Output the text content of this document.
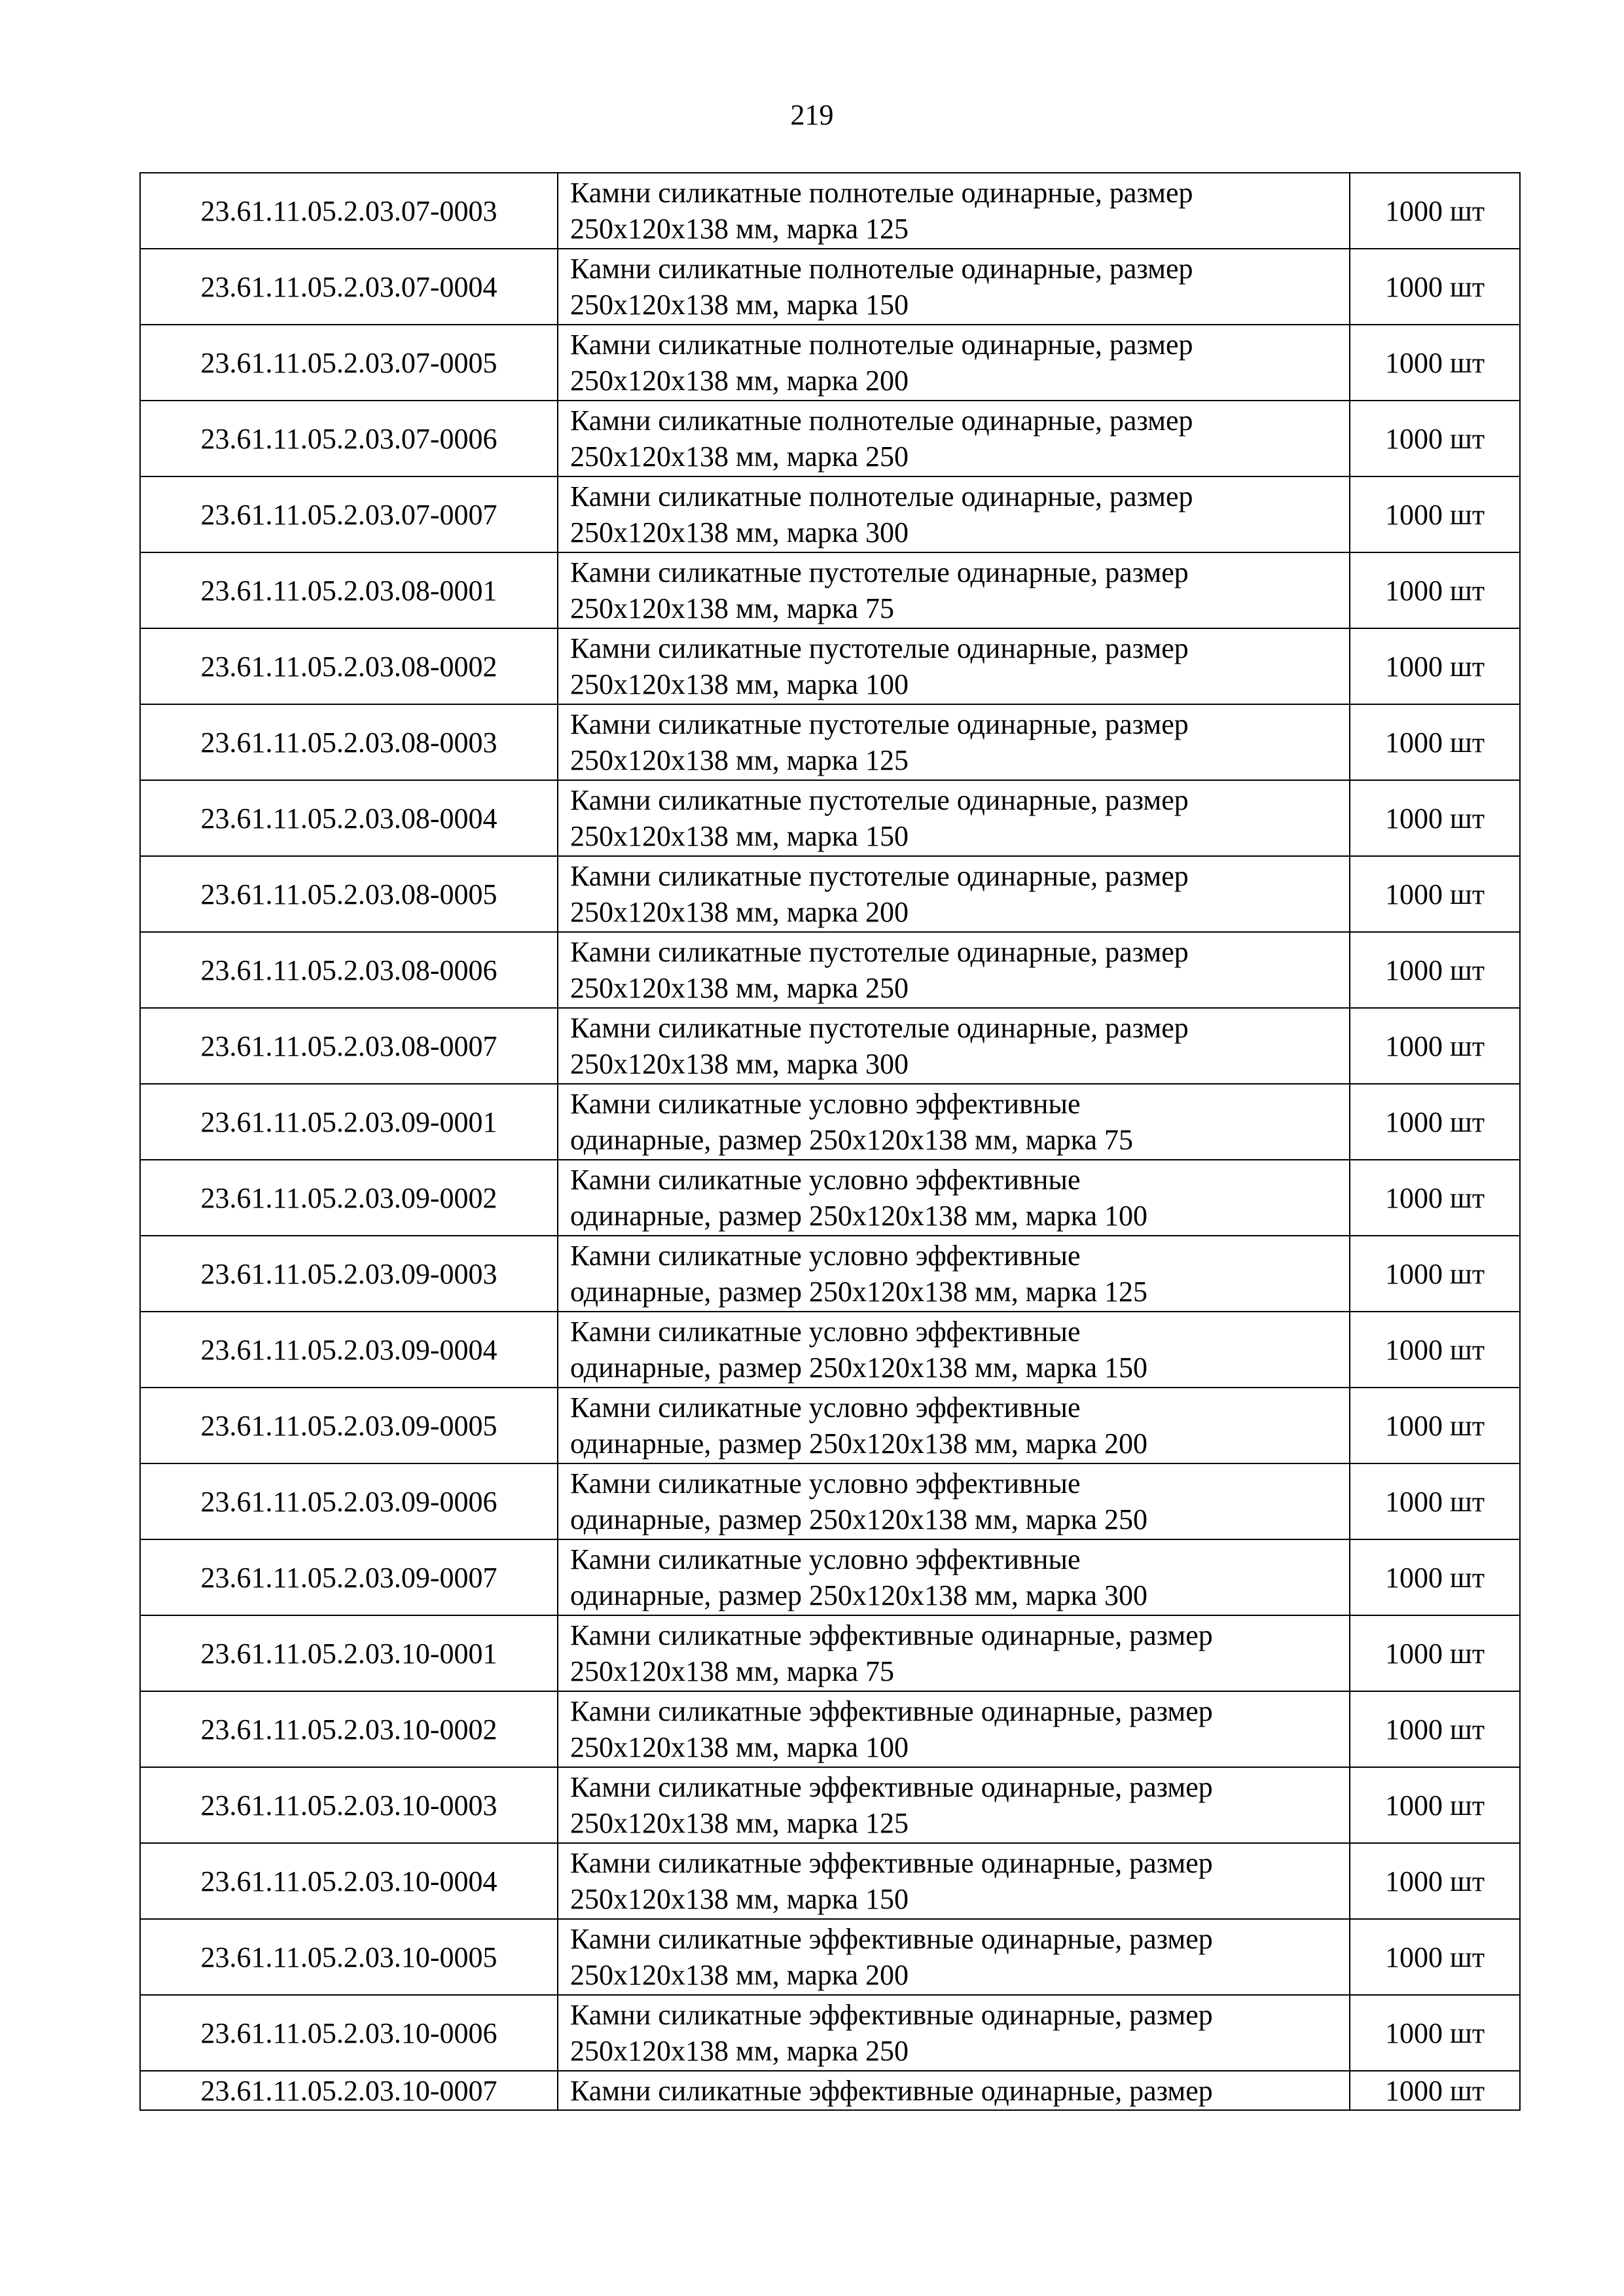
219
23.61.11.05.2.03.07-0003	Камни силикатные полнотелые одинарные, размер
250х120х138 мм, марка 125	1000 шт
23.61.11.05.2.03.07-0004	Камни силикатные полнотелые одинарные, размер
250х120х138 мм, марка 150	1000 шт
23.61.11.05.2.03.07-0005	Камни силикатные полнотелые одинарные, размер
250х120х138 мм, марка 200	1000 шт
23.61.11.05.2.03.07-0006	Камни силикатные полнотелые одинарные, размер
250х120х138 мм, марка 250	1000 шт
23.61.11.05.2.03.07-0007	Камни силикатные полнотелые одинарные, размер
250х120х138 мм, марка 300	1000 шт
23.61.11.05.2.03.08-0001	Камни силикатные пустотелые одинарные, размер
250х120х138 мм, марка 75	1000 шт
23.61.11.05.2.03.08-0002	Камни силикатные пустотелые одинарные, размер
250х120х138 мм, марка 100	1000 шт
23.61.11.05.2.03.08-0003	Камни силикатные пустотелые одинарные, размер
250х120х138 мм, марка 125	1000 шт
23.61.11.05.2.03.08-0004	Камни силикатные пустотелые одинарные, размер
250х120х138 мм, марка 150	1000 шт
23.61.11.05.2.03.08-0005	Камни силикатные пустотелые одинарные, размер
250х120х138 мм, марка 200	1000 шт
23.61.11.05.2.03.08-0006	Камни силикатные пустотелые одинарные, размер
250х120х138 мм, марка 250	1000 шт
23.61.11.05.2.03.08-0007	Камни силикатные пустотелые одинарные, размер
250х120х138 мм, марка 300	1000 шт
23.61.11.05.2.03.09-0001	Камни силикатные условно эффективные
одинарные, размер 250х120х138 мм, марка 75	1000 шт
23.61.11.05.2.03.09-0002	Камни силикатные условно эффективные
одинарные, размер 250х120х138 мм, марка 100	1000 шт
23.61.11.05.2.03.09-0003	Камни силикатные условно эффективные
одинарные, размер 250х120х138 мм, марка 125	1000 шт
23.61.11.05.2.03.09-0004	Камни силикатные условно эффективные
одинарные, размер 250х120х138 мм, марка 150	1000 шт
23.61.11.05.2.03.09-0005	Камни силикатные условно эффективные
одинарные, размер 250х120х138 мм, марка 200	1000 шт
23.61.11.05.2.03.09-0006	Камни силикатные условно эффективные
одинарные, размер 250х120х138 мм, марка 250	1000 шт
23.61.11.05.2.03.09-0007	Камни силикатные условно эффективные
одинарные, размер 250х120х138 мм, марка 300	1000 шт
23.61.11.05.2.03.10-0001	Камни силикатные эффективные одинарные, размер
250х120х138 мм, марка 75	1000 шт
23.61.11.05.2.03.10-0002	Камни силикатные эффективные одинарные, размер
250х120х138 мм, марка 100	1000 шт
23.61.11.05.2.03.10-0003	Камни силикатные эффективные одинарные, размер
250х120х138 мм, марка 125	1000 шт
23.61.11.05.2.03.10-0004	Камни силикатные эффективные одинарные, размер
250х120х138 мм, марка 150	1000 шт
23.61.11.05.2.03.10-0005	Камни силикатные эффективные одинарные, размер
250х120х138 мм, марка 200	1000 шт
23.61.11.05.2.03.10-0006	Камни силикатные эффективные одинарные, размер
250х120х138 мм, марка 250	1000 шт
23.61.11.05.2.03.10-0007	Камни силикатные эффективные одинарные, размер	1000 шт
